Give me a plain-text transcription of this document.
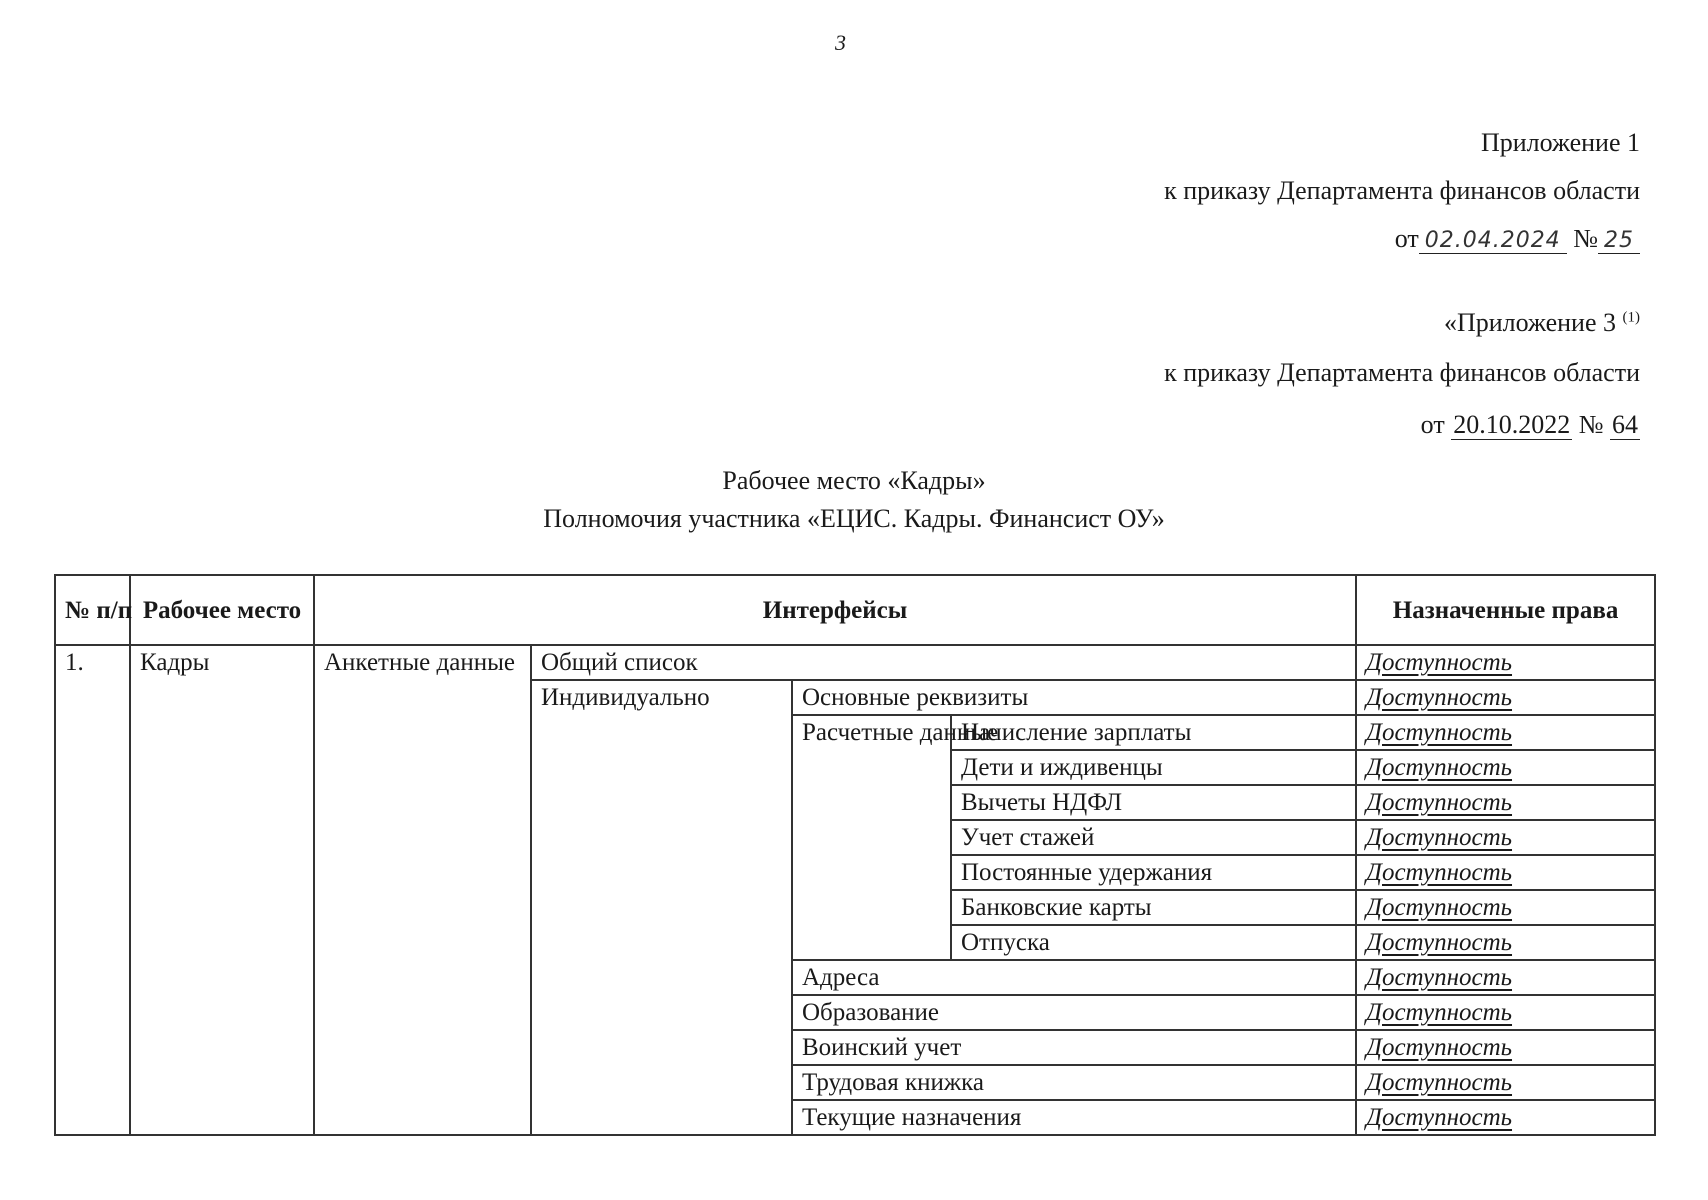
3
Приложение 1
к приказу Департамента финансов области
от 02.04.2024 № 25
«Приложение 3 $^{(1)}$
к приказу Департамента финансов области
от 20.10.2022 № 64
Рабочее место «Кадры»
Полномочия участника «ЕЦИС. Кадры. Финансист ОУ»
№ п/п	Рабочее место	Интерфейсы				Назначенные права
1.	Кадры	Анкетные данные	Общий список			Доступность
			Индивидуально	Основные реквизиты		Доступность
				Расчетные данные	Начисление зарплаты	Доступность
					Дети и иждивенцы	Доступность
					Вычеты НДФЛ	Доступность
					Учет стажей	Доступность
					Постоянные удержания	Доступность
					Банковские карты	Доступность
					Отпуска	Доступность
				Адреса		Доступность
				Образование		Доступность
				Воинский учет		Доступность
				Трудовая книжка		Доступность
				Текущие назначения		Доступность
